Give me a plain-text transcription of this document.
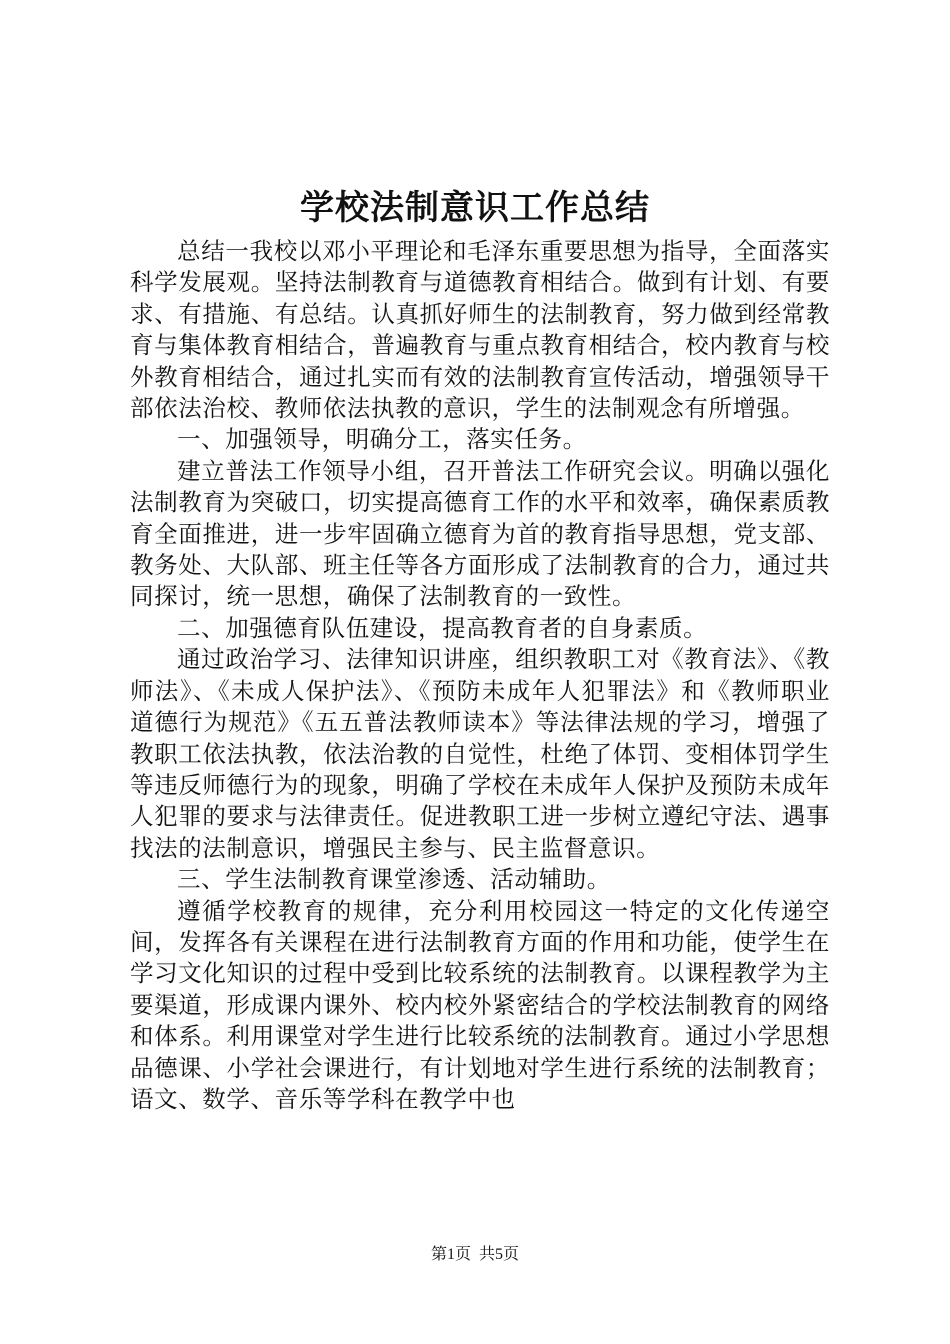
学校法制意识工作总结

总结一我校以邓小平理论和毛泽东重要思想为指导，全面落实科学发展观。坚持法制教育与道德教育相结合。做到有计划、有要求、有措施、有总结。认真抓好师生的法制教育，努力做到经常教育与集体教育相结合，普遍教育与重点教育相结合，校内教育与校外教育相结合，通过扎实而有效的法制教育宣传活动，增强领导干部依法治校、教师依法执教的意识，学生的法制观念有所增强。

一、加强领导，明确分工，落实任务。

建立普法工作领导小组，召开普法工作研究会议。明确以强化法制教育为突破口，切实提高德育工作的水平和效率，确保素质教育全面推进，进一步牢固确立德育为首的教育指导思想，党支部、教务处、大队部、班主任等各方面形成了法制教育的合力，通过共同探讨，统一思想，确保了法制教育的一致性。

二、加强德育队伍建设，提高教育者的自身素质。

通过政治学习、法律知识讲座，组织教职工对《教育法》、《教师法》、《未成人保护法》、《预防未成年人犯罪法》和《教师职业道德行为规范》《五五普法教师读本》等法律法规的学习，增强了教职工依法执教，依法治教的自觉性，杜绝了体罚、变相体罚学生等违反师德行为的现象，明确了学校在未成年人保护及预防未成年人犯罪的要求与法律责任。促进教职工进一步树立遵纪守法、遇事找法的法制意识，增强民主参与、民主监督意识。

三、学生法制教育课堂渗透、活动辅助。

遵循学校教育的规律，充分利用校园这一特定的文化传递空间，发挥各有关课程在进行法制教育方面的作用和功能，使学生在学习文化知识的过程中受到比较系统的法制教育。以课程教学为主要渠道，形成课内课外、校内校外紧密结合的学校法制教育的网络和体系。利用课堂对学生进行比较系统的法制教育。通过小学思想品德课、小学社会课进行，有计划地对学生进行系统的法制教育；语文、数学、音乐等学科在教学中也

第1页 共5页
